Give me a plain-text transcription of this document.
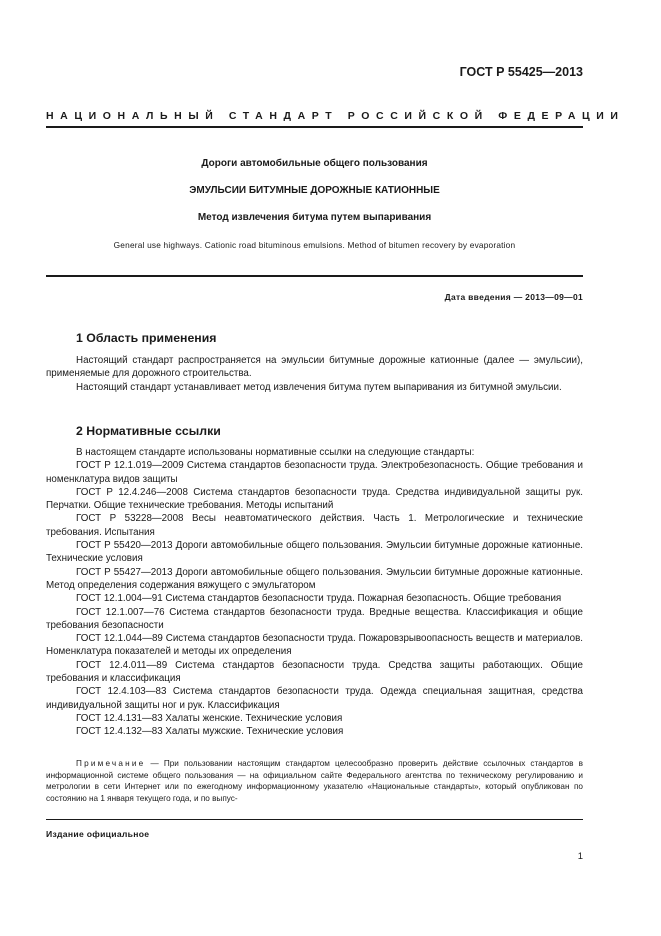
ГОСТ Р 55425—2013
НАЦИОНАЛЬНЫЙ СТАНДАРТ РОССИЙСКОЙ ФЕДЕРАЦИИ
Дороги автомобильные общего пользования
ЭМУЛЬСИИ БИТУМНЫЕ ДОРОЖНЫЕ КАТИОННЫЕ
Метод извлечения битума путем выпаривания
General use highways. Cationic road bituminous emulsions. Method of bitumen recovery by evaporation
Дата введения — 2013—09—01
1 Область применения

Настоящий стандарт распространяется на эмульсии битумные дорожные катионные (далее — эмульсии), применяемые для дорожного строительства.

Настоящий стандарт устанавливает метод извлечения битума путем выпаривания из битумной эмульсии.

2 Нормативные ссылки

В настоящем стандарте использованы нормативные ссылки на следующие стандарты:

ГОСТ Р 12.1.019—2009 Система стандартов безопасности труда. Электробезопасность. Общие требования и номенклатура видов защиты

ГОСТ Р 12.4.246—2008 Система стандартов безопасности труда. Средства индивидуальной защиты рук. Перчатки. Общие технические требования. Методы испытаний

ГОСТ Р 53228—2008 Весы неавтоматического действия. Часть 1. Метрологические и технические требования. Испытания

ГОСТ Р 55420—2013 Дороги автомобильные общего пользования. Эмульсии битумные дорожные катионные. Технические условия

ГОСТ Р 55427—2013 Дороги автомобильные общего пользования. Эмульсии битумные дорожные катионные. Метод определения содержания вяжущего с эмульгатором

ГОСТ 12.1.004—91 Система стандартов безопасности труда. Пожарная безопасность. Общие требования

ГОСТ 12.1.007—76 Система стандартов безопасности труда. Вредные вещества. Классификация и общие требования безопасности

ГОСТ 12.1.044—89 Система стандартов безопасности труда. Пожаровзрывоопасность веществ и материалов. Номенклатура показателей и методы их определения

ГОСТ 12.4.011—89 Система стандартов безопасности труда. Средства защиты работающих. Общие требования и классификация

ГОСТ 12.4.103—83 Система стандартов безопасности труда. Одежда специальная защитная, средства индивидуальной защиты ног и рук. Классификация

ГОСТ 12.4.131—83 Халаты женские. Технические условия

ГОСТ 12.4.132—83 Халаты мужские. Технические условия

Примечание — При пользовании настоящим стандартом целесообразно проверить действие ссылочных стандартов в информационной системе общего пользования — на официальном сайте Федерального агентства по техническому регулированию и метрологии в сети Интернет или по ежегодному информационному указателю «Национальные стандарты», который опубликован по состоянию на 1 января текущего года, и по выпус-

Издание официальное
1
